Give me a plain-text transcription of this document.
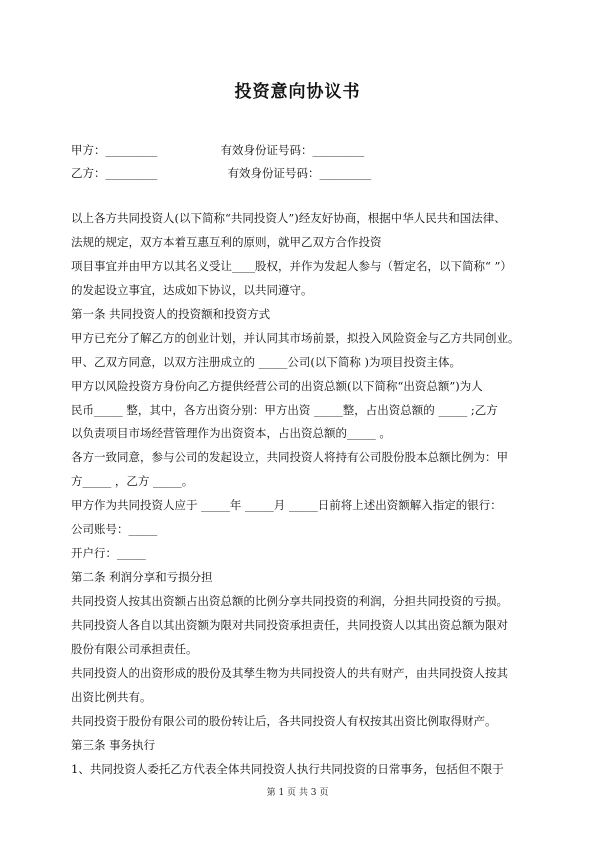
投资意向协议书
甲方：_________	有效身份证号码：_________
乙方：_________	有效身份证号码：_________
以上各方共同投资人(以下简称“共同投资人”)经友好协商，根据中华人民共和国法律、
法规的规定，双方本着互惠互利的原则，就甲乙双方合作投资
项目事宜并由甲方以其名义受让____股权，并作为发起人参与（暂定名，以下简称“ ”）
的发起设立事宜，达成如下协议，以共同遵守。
第一条 共同投资人的投资额和投资方式
甲方已充分了解乙方的创业计划，并认同其市场前景，拟投入风险资金与乙方共同创业。
甲、乙双方同意，以双方注册成立的 _____公司(以下简称 )为项目投资主体。
甲方以风险投资方身份向乙方提供经营公司的出资总额(以下简称“出资总额”)为人
民币_____ 整，其中，各方出资分别：甲方出资 _____整，占出资总额的 _____ ;乙方
以负责项目市场经营管理作为出资资本，占出资总额的_____ 。
各方一致同意，参与公司的发起设立，共同投资人将持有公司股份股本总额比例为：甲
方_____ ，乙方 _____。
甲方作为共同投资人应于 _____年 _____月 _____日前将上述出资额解入指定的银行：
公司账号：_____
开户行：_____
第二条 利润分享和亏损分担
共同投资人按其出资额占出资总额的比例分享共同投资的利润，分担共同投资的亏损。
共同投资人各自以其出资额为限对共同投资承担责任，共同投资人以其出资总额为限对
股份有限公司承担责任。
共同投资人的出资形成的股份及其孳生物为共同投资人的共有财产，由共同投资人按其
出资比例共有。
共同投资于股份有限公司的股份转让后，各共同投资人有权按其出资比例取得财产。
第三条 事务执行
1、共同投资人委托乙方代表全体共同投资人执行共同投资的日常事务，包括但不限于
第 1 页 共 3 页
